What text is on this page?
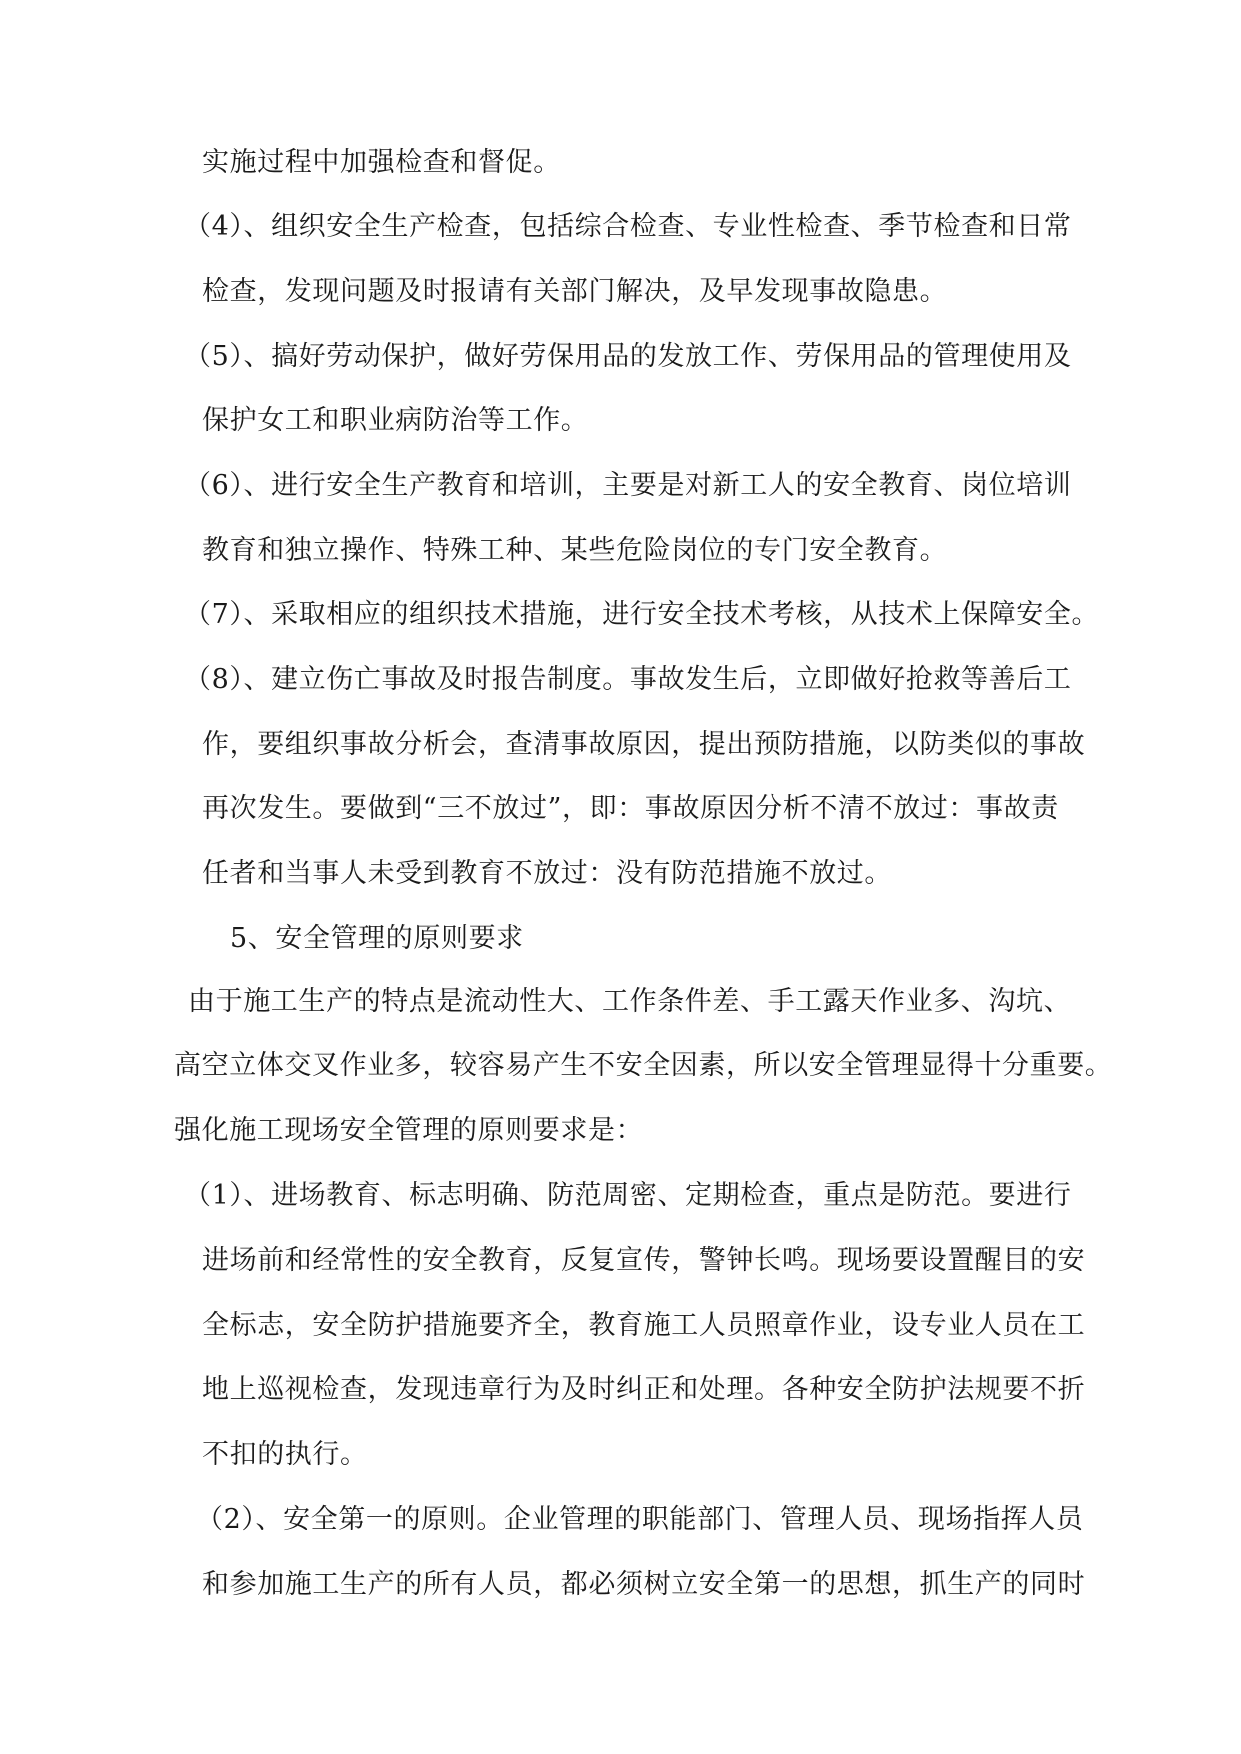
实施过程中加强检查和督促。
（4）、组织安全生产检查，包括综合检查、专业性检查、季节检查和日常
检查，发现问题及时报请有关部门解决，及早发现事故隐患。
（5）、搞好劳动保护，做好劳保用品的发放工作、劳保用品的管理使用及
保护女工和职业病防治等工作。
（6）、进行安全生产教育和培训，主要是对新工人的安全教育、岗位培训
教育和独立操作、特殊工种、某些危险岗位的专门安全教育。
（7）、采取相应的组织技术措施，进行安全技术考核，从技术上保障安全。
（8）、建立伤亡事故及时报告制度。事故发生后，立即做好抢救等善后工
作，要组织事故分析会，查清事故原因，提出预防措施，以防类似的事故
再次发生。要做到“三不放过”，即：事故原因分析不清不放过：事故责
任者和当事人未受到教育不放过：没有防范措施不放过。
5、安全管理的原则要求
由于施工生产的特点是流动性大、工作条件差、手工露天作业多、沟坑、
高空立体交叉作业多，较容易产生不安全因素，所以安全管理显得十分重要。
强化施工现场安全管理的原则要求是：
（1）、进场教育、标志明确、防范周密、定期检查，重点是防范。要进行
进场前和经常性的安全教育，反复宣传，警钟长鸣。现场要设置醒目的安
全标志，安全防护措施要齐全，教育施工人员照章作业，设专业人员在工
地上巡视检查，发现违章行为及时纠正和处理。各种安全防护法规要不折
不扣的执行。
（2）、安全第一的原则。企业管理的职能部门、管理人员、现场指挥人员
和参加施工生产的所有人员，都必须树立安全第一的思想，抓生产的同时
